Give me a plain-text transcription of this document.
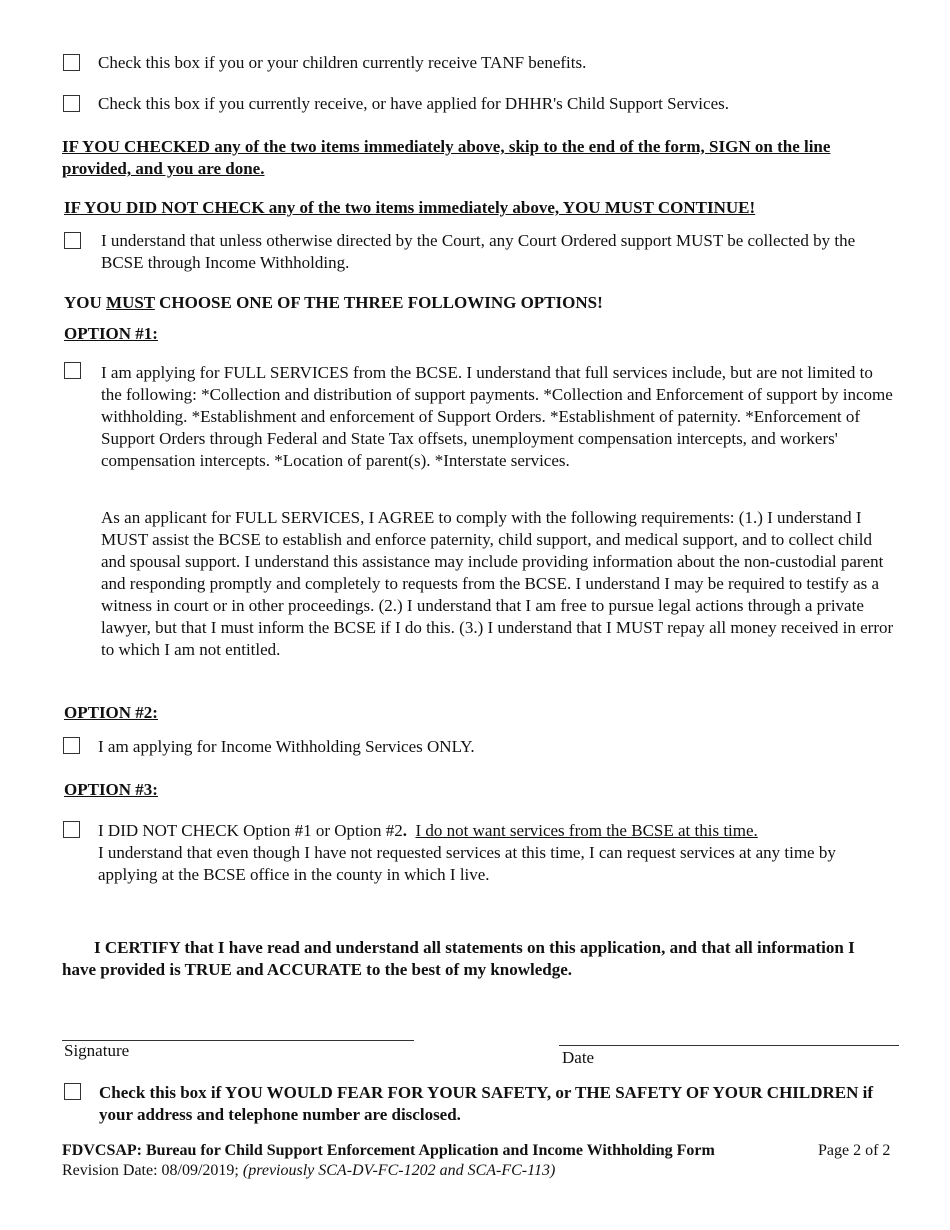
Check this box if you or your children currently receive TANF benefits.
Check this box if you currently receive, or have applied for DHHR's Child Support Services.
IF YOU CHECKED any of the two items immediately above, skip to the end of the form, SIGN on the line provided, and you are done.
IF YOU DID NOT CHECK any of the two items immediately above, YOU MUST CONTINUE!
I understand that unless otherwise directed by the Court, any Court Ordered support MUST be collected by the BCSE through Income Withholding.
YOU MUST CHOOSE ONE OF THE THREE FOLLOWING OPTIONS!
OPTION #1:
I am applying for FULL SERVICES from the BCSE. I understand that full services include, but are not limited to the following: *Collection and distribution of support payments. *Collection and Enforcement of support by income withholding. *Establishment and enforcement of Support Orders. *Establishment of paternity. *Enforcement of Support Orders through Federal and State Tax offsets, unemployment compensation intercepts, and workers' compensation intercepts. *Location of parent(s). *Interstate services.
As an applicant for FULL SERVICES, I AGREE to comply with the following requirements: (1.) I understand I MUST assist the BCSE to establish and enforce paternity, child support, and medical support, and to collect child and spousal support. I understand this assistance may include providing information about the non-custodial parent and responding promptly and completely to requests from the BCSE. I understand I may be required to testify as a witness in court or in other proceedings. (2.) I understand that I am free to pursue legal actions through a private lawyer, but that I must inform the BCSE if I do this. (3.) I understand that I MUST repay all money received in error to which I am not entitled.
OPTION #2:
I am applying for Income Withholding Services ONLY.
OPTION #3:
I DID NOT CHECK Option #1 or Option #2. I do not want services from the BCSE at this time.
I understand that even though I have not requested services at this time, I can request services at any time by applying at the BCSE office in the county in which I live.
I CERTIFY that I have read and understand all statements on this application, and that all information I have provided is TRUE and ACCURATE to the best of my knowledge.
Signature	Date
Check this box if YOU WOULD FEAR FOR YOUR SAFETY, or THE SAFETY OF YOUR CHILDREN if your address and telephone number are disclosed.
FDVCSAP: Bureau for Child Support Enforcement Application and Income Withholding Form	Page 2 of 2
Revision Date: 08/09/2019; (previously SCA-DV-FC-1202 and SCA-FC-113)
